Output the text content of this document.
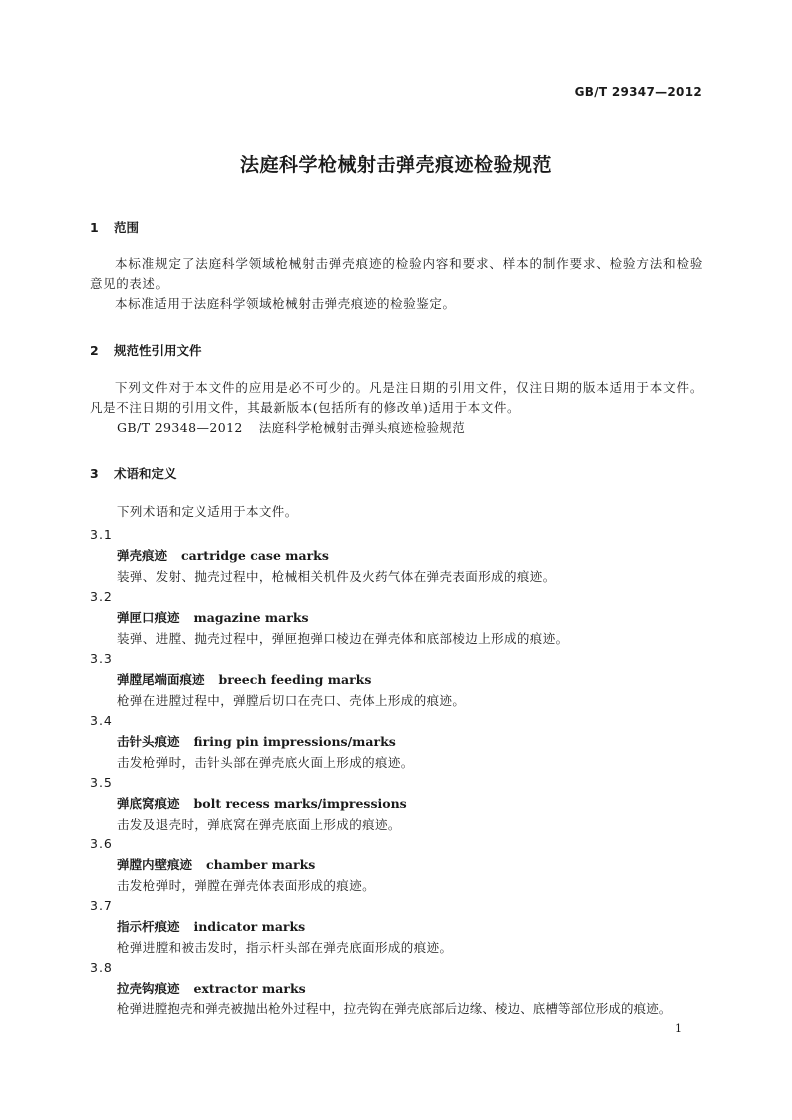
GB/T 29347—2012
法庭科学枪械射击弹壳痕迹检验规范
1 范围
本标准规定了法庭科学领域枪械射击弹壳痕迹的检验内容和要求、样本的制作要求、检验方法和检验意见的表述。
本标准适用于法庭科学领域枪械射击弹壳痕迹的检验鉴定。
2 规范性引用文件
下列文件对于本文件的应用是必不可少的。凡是注日期的引用文件，仅注日期的版本适用于本文件。凡是不注日期的引用文件，其最新版本(包括所有的修改单)适用于本文件。
GB/T 29348—2012 法庭科学枪械射击弹头痕迹检验规范
3 术语和定义
下列术语和定义适用于本文件。
3.1
弹壳痕迹 cartridge case marks
装弹、发射、抛壳过程中，枪械相关机件及火药气体在弹壳表面形成的痕迹。
3.2
弹匣口痕迹 magazine marks
装弹、进膛、抛壳过程中，弹匣抱弹口棱边在弹壳体和底部棱边上形成的痕迹。
3.3
弹膛尾端面痕迹 breech feeding marks
枪弹在进膛过程中，弹膛后切口在壳口、壳体上形成的痕迹。
3.4
击针头痕迹 firing pin impressions/marks
击发枪弹时，击针头部在弹壳底火面上形成的痕迹。
3.5
弹底窝痕迹 bolt recess marks/impressions
击发及退壳时，弹底窝在弹壳底面上形成的痕迹。
3.6
弹膛内壁痕迹 chamber marks
击发枪弹时，弹膛在弹壳体表面形成的痕迹。
3.7
指示杆痕迹 indicator marks
枪弹进膛和被击发时，指示杆头部在弹壳底面形成的痕迹。
3.8
拉壳钩痕迹 extractor marks
枪弹进膛抱壳和弹壳被抛出枪外过程中，拉壳钩在弹壳底部后边缘、棱边、底槽等部位形成的痕迹。
1
